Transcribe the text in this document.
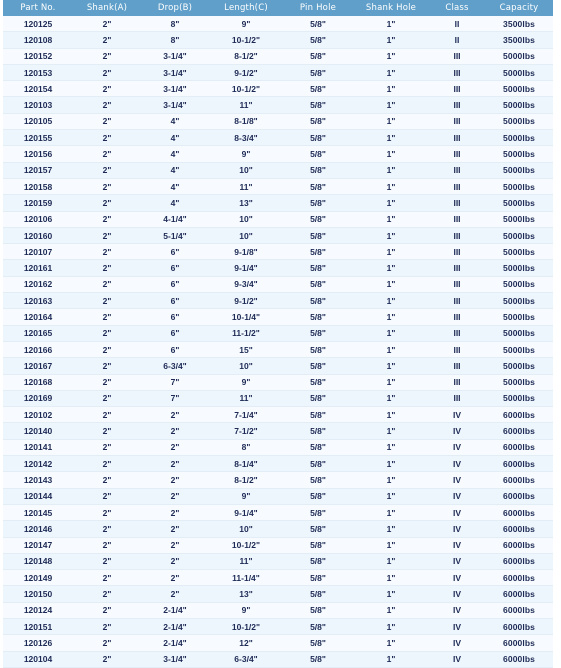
Part No.	Shank(A)	Drop(B)	Length(C)	Pin Hole	Shank Hole	Class	Capacity
120125	2"	8"	9"	5/8"	1"	II	3500lbs
120108	2"	8"	10-1/2"	5/8"	1"	II	3500lbs
120152	2"	3-1/4"	8-1/2"	5/8"	1"	III	5000lbs
120153	2"	3-1/4"	9-1/2"	5/8"	1"	III	5000lbs
120154	2"	3-1/4"	10-1/2"	5/8"	1"	III	5000lbs
120103	2"	3-1/4"	11"	5/8"	1"	III	5000lbs
120105	2"	4"	8-1/8"	5/8"	1"	III	5000lbs
120155	2"	4"	8-3/4"	5/8"	1"	III	5000lbs
120156	2"	4"	9"	5/8"	1"	III	5000lbs
120157	2"	4"	10"	5/8"	1"	III	5000lbs
120158	2"	4"	11"	5/8"	1"	III	5000lbs
120159	2"	4"	13"	5/8"	1"	III	5000lbs
120106	2"	4-1/4"	10"	5/8"	1"	III	5000lbs
120160	2"	5-1/4"	10"	5/8"	1"	III	5000lbs
120107	2"	6"	9-1/8"	5/8"	1"	III	5000lbs
120161	2"	6"	9-1/4"	5/8"	1"	III	5000lbs
120162	2"	6"	9-3/4"	5/8"	1"	III	5000lbs
120163	2"	6"	9-1/2"	5/8"	1"	III	5000lbs
120164	2"	6"	10-1/4"	5/8"	1"	III	5000lbs
120165	2"	6"	11-1/2"	5/8"	1"	III	5000lbs
120166	2"	6"	15"	5/8"	1"	III	5000lbs
120167	2"	6-3/4"	10"	5/8"	1"	III	5000lbs
120168	2"	7"	9"	5/8"	1"	III	5000lbs
120169	2"	7"	11"	5/8"	1"	III	5000lbs
120102	2"	2"	7-1/4"	5/8"	1"	IV	6000lbs
120140	2"	2"	7-1/2"	5/8"	1"	IV	6000lbs
120141	2"	2"	8"	5/8"	1"	IV	6000lbs
120142	2"	2"	8-1/4"	5/8"	1"	IV	6000lbs
120143	2"	2"	8-1/2"	5/8"	1"	IV	6000lbs
120144	2"	2"	9"	5/8"	1"	IV	6000lbs
120145	2"	2"	9-1/4"	5/8"	1"	IV	6000lbs
120146	2"	2"	10"	5/8"	1"	IV	6000lbs
120147	2"	2"	10-1/2"	5/8"	1"	IV	6000lbs
120148	2"	2"	11"	5/8"	1"	IV	6000lbs
120149	2"	2"	11-1/4"	5/8"	1"	IV	6000lbs
120150	2"	2"	13"	5/8"	1"	IV	6000lbs
120124	2"	2-1/4"	9"	5/8"	1"	IV	6000lbs
120151	2"	2-1/4"	10-1/2"	5/8"	1"	IV	6000lbs
120126	2"	2-1/4"	12"	5/8"	1"	IV	6000lbs
120104	2"	3-1/4"	6-3/4"	5/8"	1"	IV	6000lbs
